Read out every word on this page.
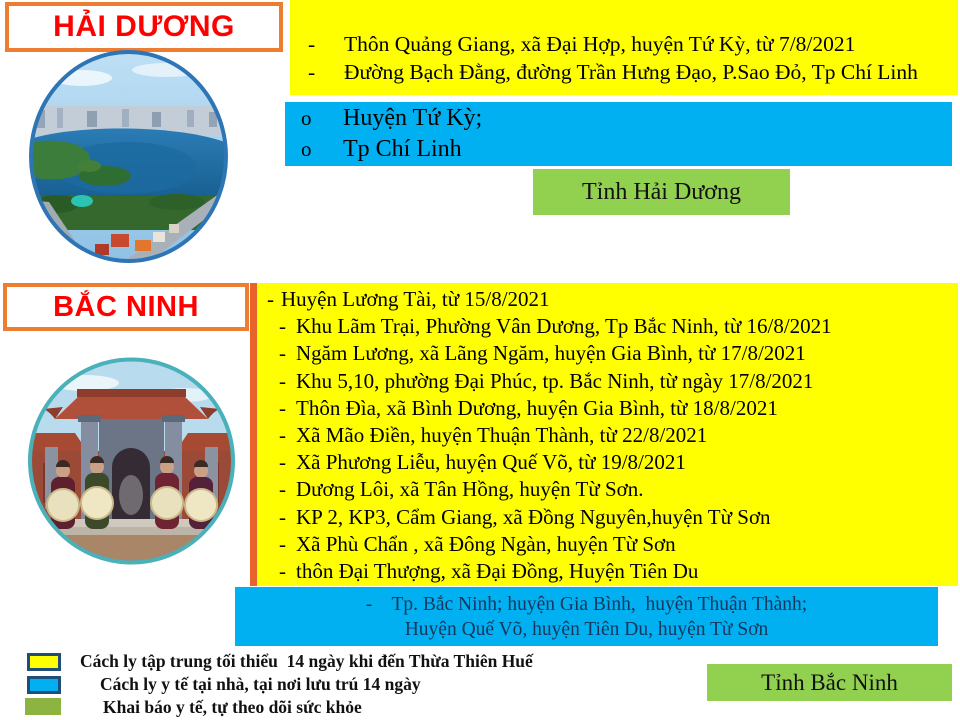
HẢI DƯƠNG
-	Thôn Quảng Giang, xã Đại Hợp, huyện Tứ Kỳ, từ 7/8/2021
-	Đường Bạch Đằng, đường Trần Hưng Đạo, P.Sao Đỏ, Tp Chí Linh
o	Huyện Tứ Kỳ;
o	Tp Chí Linh
Tỉnh Hải Dương
BẮC NINH	- Huyện Lương Tài, từ 15/8/2021
- Khu Lãm Trại, Phường Vân Dương, Tp Bắc Ninh, từ 16/8/2021
- Ngăm Lương, xã Lãng Ngăm, huyện Gia Bình, từ 17/8/2021
- Khu 5,10, phường Đại Phúc, tp. Bắc Ninh, từ ngày 17/8/2021
- Thôn Đìa, xã Bình Dương, huyện Gia Bình, từ 18/8/2021
- Xã Mão Điền, huyện Thuận Thành, từ 22/8/2021
- Xã Phương Liễu, huyện Quế Võ, từ 19/8/2021
- Dương Lôi, xã Tân Hồng, huyện Từ Sơn.
- KP 2, KP3, Cẩm Giang, xã Đồng Nguyên,huyện Từ Sơn
- Xã Phù Chẩn , xã Đông Ngàn, huyện Từ Sơn
- thôn Đại Thượng, xã Đại Đồng, Huyện Tiên Du
-    Tp. Bắc Ninh; huyện Gia Bình,  huyện Thuận Thành;
Huyện Quế Võ, huyện Tiên Du, huyện Từ Sơn
Tỉnh Bắc Ninh
Cách ly tập trung tối thiểu  14 ngày khi đến Thừa Thiên Huế
Cách ly y tế tại nhà, tại nơi lưu trú 14 ngày
Khai báo y tế, tự theo dõi sức khỏe
